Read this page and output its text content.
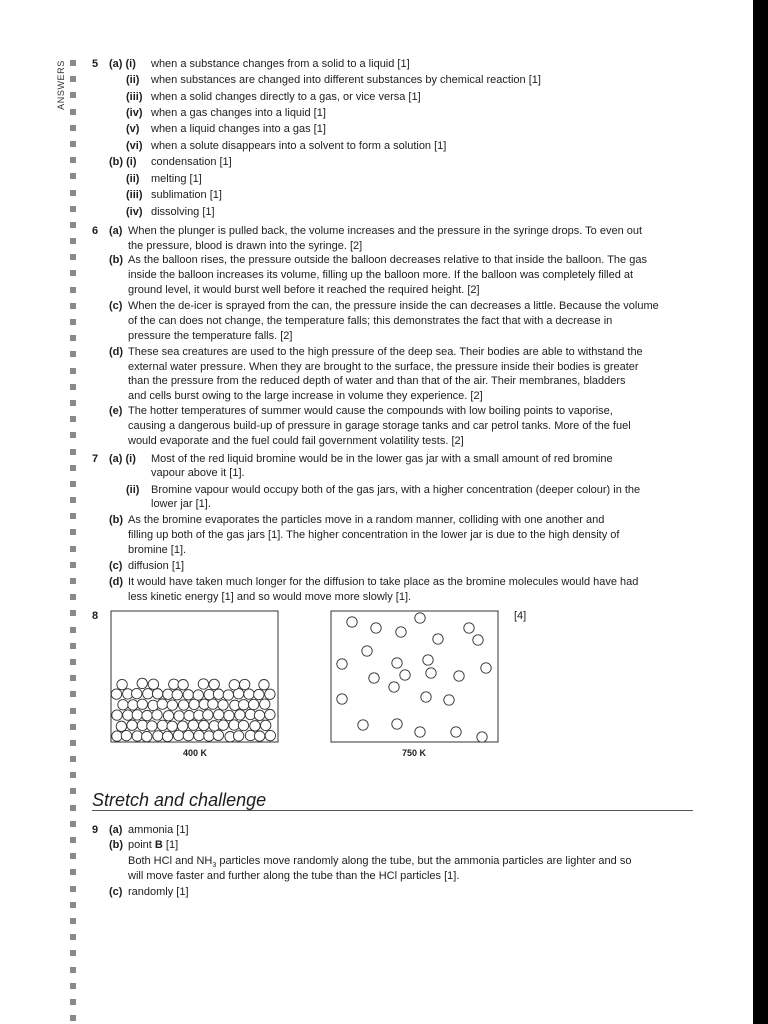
ANSWERS 5 (a) (i) when a substance changes from a solid to a liquid [1]
(ii) when substances are changed into different substances by chemical reaction [1]
(iii) when a solid changes directly to a gas, or vice versa [1]
(iv) when a gas changes into a liquid [1]
(v) when a liquid changes into a gas [1]
(vi) when a solute disappears into a solvent to form a solution [1]
(b) (i) condensation [1]
(ii) melting [1]
(iii) sublimation [1]
(iv) dissolving [1]
6 (a) When the plunger is pulled back, the volume increases and the pressure in the syringe drops. To even out
the pressure, blood is drawn into the syringe. [2]
(b) As the balloon rises, the pressure outside the balloon decreases relative to that inside the balloon. The gas
inside the balloon increases its volume, filling up the balloon more. If the balloon was completely filled at
ground level, it would burst well before it reached the required height. [2]
(c) When the de-icer is sprayed from the can, the pressure inside the can decreases a little. Because the volume
of the can does not change, the temperature falls; this demonstrates the fact that with a decrease in
pressure the temperature falls. [2]
(d) These sea creatures are used to the high pressure of the deep sea. Their bodies are able to withstand the
external water pressure. When they are brought to the surface, the pressure inside their bodies is greater
than the pressure from the reduced depth of water and than that of the air. Their membranes, bladders
and cells burst owing to the large increase in volume they experience. [2]
(e) The hotter temperatures of summer would cause the compounds with low boiling points to vaporise,
causing a dangerous build-up of pressure in garage storage tanks and car petrol tanks. More of the fuel
would evaporate and the fuel could fail government volatility tests. [2]
7 (a) (i) Most of the red liquid bromine would be in the lower gas jar with a small amount of red bromine
vapour above it [1].
(ii) Bromine vapour would occupy both of the gas jars, with a higher concentration (deeper colour) in the
lower jar [1].
(b) As the bromine evaporates the particles move in a random manner, colliding with one another and
filling up both of the gas jars [1]. The higher concentration in the lower jar is due to the high density of
bromine [1].
(c) diffusion [1]
(d) It would have taken much longer for the diffusion to take place as the bromine molecules would have had
less kinetic energy [1] and so would move more slowly [1].
8	[4]
400 K	750 K
Stretch and challenge
9 (a) ammonia [1]
(b) point B [1]
Both HCl and $NH_3$ particles move randomly along the tube, but the ammonia particles are lighter and so
will move faster and further along the tube than the HCl particles [1].
(c) randomly [1]
